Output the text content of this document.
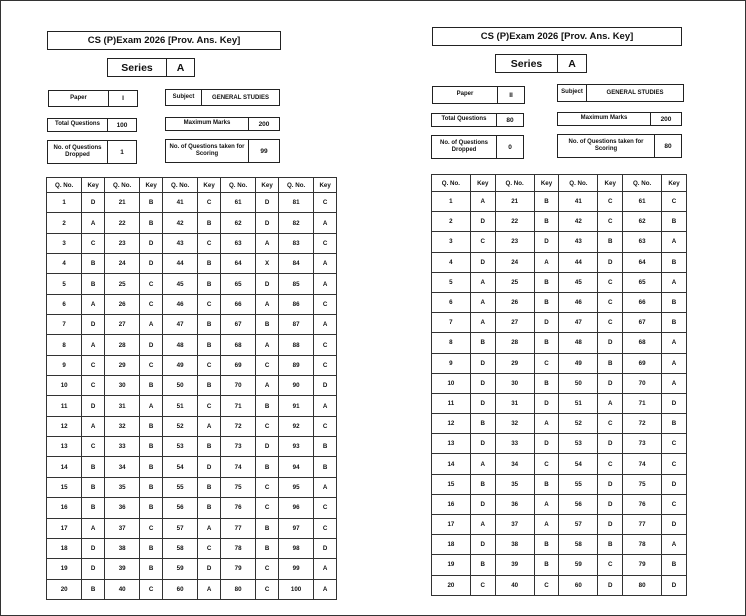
CS (P)Exam 2026 [Prov. Ans. Key]
Series	A
Paper	I	Subject	GENERAL STUDIES
Total Questions	100	Maximum Marks	200
No. of Questions Dropped	1
No. of Questions taken for Scoring	99
Q. No.	Key	Q. No.	Key	Q. No.	Key	Q. No.	Key	Q. No.	Key
1	D	21	B	41	C	61	D	81	C
2	A	22	B	42	B	62	D	82	A
3	C	23	D	43	C	63	A	83	C
4	B	24	D	44	B	64	X	84	A
5	B	25	C	45	B	65	D	85	A
6	A	26	C	46	C	66	A	86	C
7	D	27	A	47	B	67	B	87	A
8	A	28	D	48	B	68	A	88	C
9	C	29	C	49	C	69	C	89	C
10	C	30	B	50	B	70	A	90	D
11	D	31	A	51	C	71	B	91	A
12	A	32	B	52	A	72	C	92	C
13	C	33	B	53	B	73	D	93	B
14	B	34	B	54	D	74	B	94	B
15	B	35	B	55	B	75	C	95	A
16	B	36	B	56	B	76	C	96	C
17	A	37	C	57	A	77	B	97	C
18	D	38	B	58	C	78	B	98	D
19	D	39	B	59	D	79	C	99	A
20	B	40	C	60	A	80	C	100	A
CS (P)Exam 2026 [Prov. Ans. Key]
Series	A
Paper	II	Subject	GENERAL STUDIES
Total Questions	80	Maximum Marks	200
No. of Questions Dropped	0
No. of Questions taken for Scoring	80
Q. No.	Key	Q. No.	Key	Q. No.	Key	Q. No.	Key
1	A	21	B	41	C	61	C
2	D	22	B	42	C	62	B
3	C	23	D	43	B	63	A
4	D	24	A	44	D	64	B
5	A	25	B	45	C	65	A
6	A	26	B	46	C	66	B
7	A	27	D	47	C	67	B
8	B	28	B	48	D	68	A
9	D	29	C	49	B	69	A
10	D	30	B	50	D	70	A
11	D	31	D	51	A	71	D
12	B	32	A	52	C	72	B
13	D	33	D	53	D	73	C
14	A	34	C	54	C	74	C
15	B	35	B	55	D	75	D
16	D	36	A	56	D	76	C
17	A	37	A	57	D	77	D
18	D	38	B	58	B	78	A
19	B	39	B	59	C	79	B
20	C	40	C	60	D	80	D
